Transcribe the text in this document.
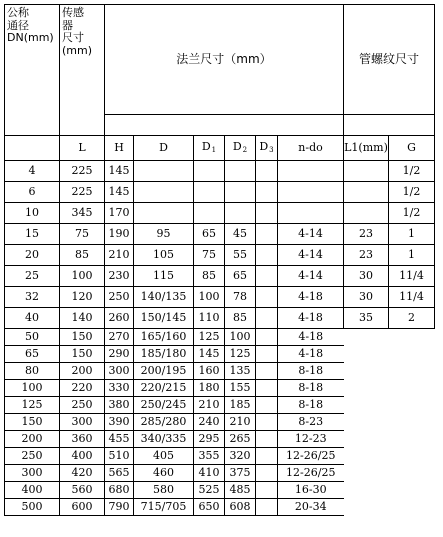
公称
通径
DN(mm)	传感
器
尺寸
(mm)	法兰尺寸（mm）						管螺纹尺寸	

	L	H	D	$D_1$	$D_2$	$D_3$	n-do	L1(mm)	G
4	225	145							1/2
6	225	145							1/2
10	345	170							1/2
15	75	190	95	65	45		4-14	23	1
20	85	210	105	75	55		4-14	23	1
25	100	230	115	85	65		4-14	30	11/4
32	120	250	140/135	100	78		4-18	30	11/4
40	140	260	150/145	110	85		4-18	35	2
50	150	270	165/160	125	100		4-18		
65	150	290	185/180	145	125		4-18		
80	200	300	200/195	160	135		8-18		
100	220	330	220/215	180	155		8-18		
125	250	380	250/245	210	185		8-18		
150	300	390	285/280	240	210		8-23		
200	360	455	340/335	295	265		12-23		
250	400	510	405	355	320		12-26/25		
300	420	565	460	410	375		12-26/25		
400	560	680	580	525	485		16-30		
500	600	790	715/705	650	608		20-34		
